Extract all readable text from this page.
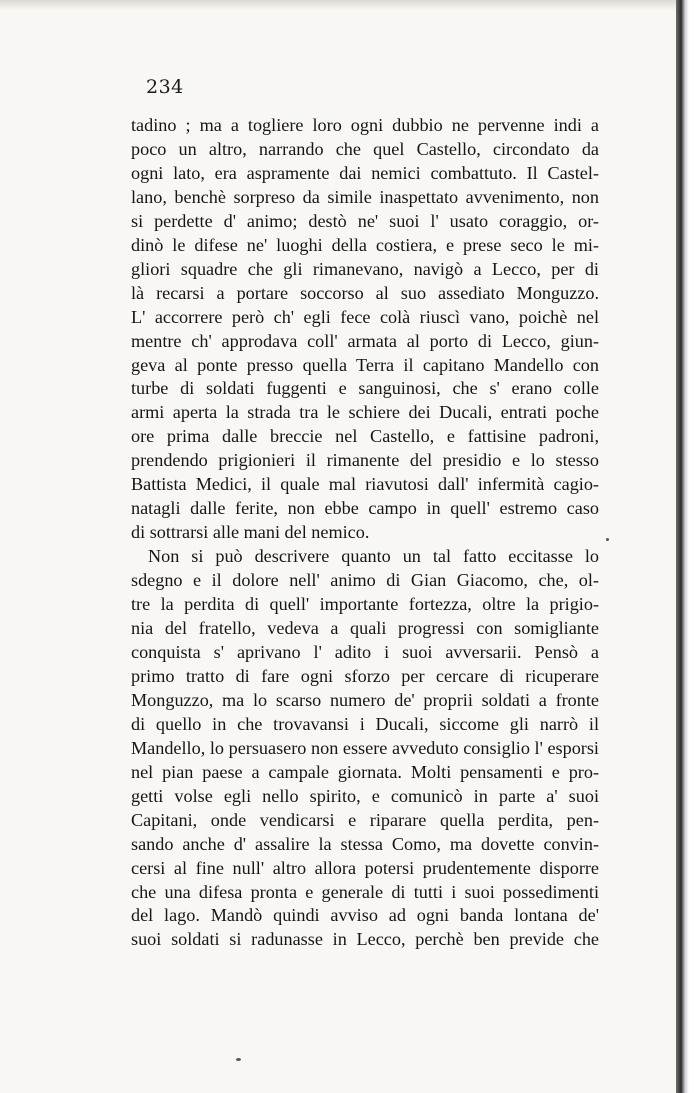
234
tadino ; ma a togliere loro ogni dubbio ne pervenne indi a
poco un altro, narrando che quel Castello, circondato da
ogni lato, era aspramente dai nemici combattuto. Il Castel-
lano, benchè sorpreso da simile inaspettato avvenimento, non
si perdette d' animo; destò ne' suoi l' usato coraggio, or-
dinò le difese ne' luoghi della costiera, e prese seco le mi-
gliori squadre che gli rimanevano, navigò a Lecco, per di
là recarsi a portare soccorso al suo assediato Monguzzo.
L' accorrere però ch' egli fece colà riuscì vano, poichè nel
mentre ch' approdava coll' armata al porto di Lecco, giun-
geva al ponte presso quella Terra il capitano Mandello con
turbe di soldati fuggenti e sanguinosi, che s' erano colle
armi aperta la strada tra le schiere dei Ducali, entrati poche
ore prima dalle breccie nel Castello, e fattisine padroni,
prendendo prigionieri il rimanente del presidio e lo stesso
Battista Medici, il quale mal riavutosi dall' infermità cagio-
natagli dalle ferite, non ebbe campo in quell' estremo caso
di sottrarsi alle mani del nemico.
Non si può descrivere quanto un tal fatto eccitasse lo
sdegno e il dolore nell' animo di Gian Giacomo, che, ol-
tre la perdita di quell' importante fortezza, oltre la prigio-
nia del fratello, vedeva a quali progressi con somigliante
conquista s' aprivano l' adito i suoi avversarii. Pensò a
primo tratto di fare ogni sforzo per cercare di ricuperare
Monguzzo, ma lo scarso numero de' proprii soldati a fronte
di quello in che trovavansi i Ducali, siccome gli narrò il
Mandello, lo persuasero non essere avveduto consiglio l' esporsi
nel pian paese a campale giornata. Molti pensamenti e pro-
getti volse egli nello spirito, e comunicò in parte a' suoi
Capitani, onde vendicarsi e riparare quella perdita, pen-
sando anche d' assalire la stessa Como, ma dovette convin-
cersi al fine null' altro allora potersi prudentemente disporre
che una difesa pronta e generale di tutti i suoi possedimenti
del lago. Mandò quindi avviso ad ogni banda lontana de'
suoi soldati si radunasse in Lecco, perchè ben previde che
